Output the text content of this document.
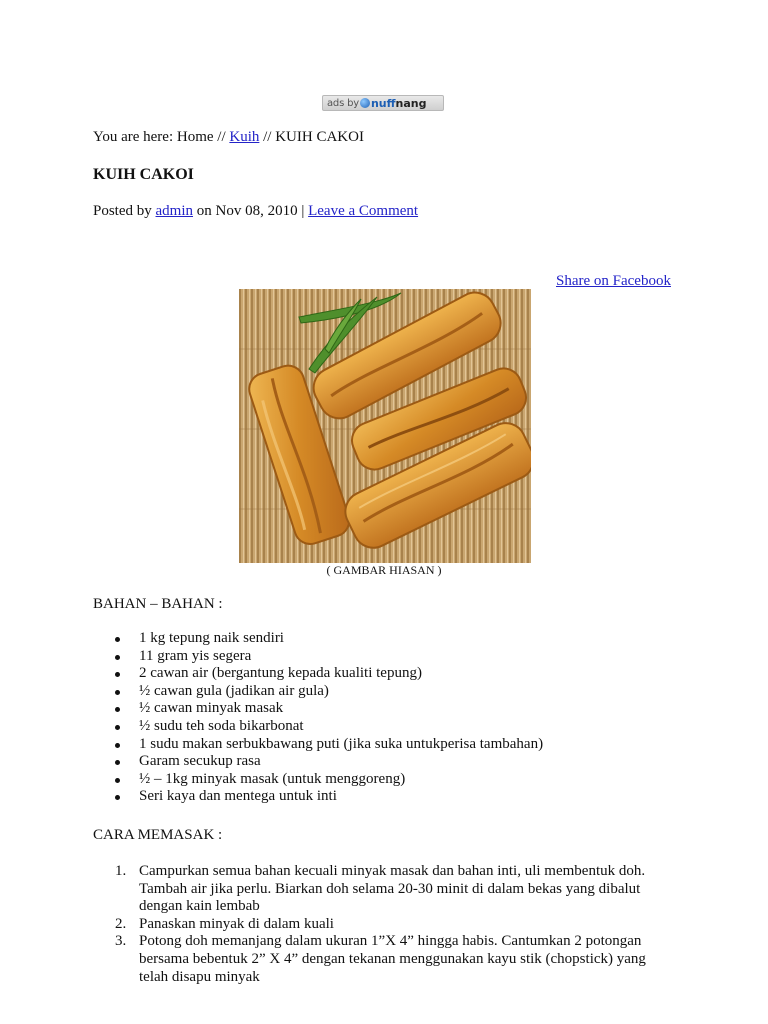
ads by nuffnang
You are here: Home // Kuih // KUIH CAKOI
KUIH CAKOI
Posted by admin on Nov 08, 2010 | Leave a Comment
Share on Facebook
( GAMBAR HIASAN )
BAHAN – BAHAN :
1 kg tepung naik sendiri
11 gram yis segera
2 cawan air (bergantung kepada kualiti tepung)
½ cawan gula (jadikan air gula)
½ cawan minyak masak
½ sudu teh soda bikarbonat
1 sudu makan serbukbawang puti (jika suka untukperisa tambahan)
Garam secukup rasa
½ – 1kg minyak masak (untuk menggoreng)
Seri kaya dan mentega untuk inti
CARA MEMASAK :
1. Campurkan semua bahan kecuali minyak masak dan bahan inti, uli membentuk doh. Tambah air jika perlu. Biarkan doh selama 20-30 minit di dalam bekas yang dibalut dengan kain lembab
2. Panaskan minyak di dalam kuali
3. Potong doh memanjang dalam ukuran 1”X 4” hingga habis. Cantumkan 2 potongan bersama bebentuk 2” X 4” dengan tekanan menggunakan kayu stik (chopstick) yang telah disapu minyak
